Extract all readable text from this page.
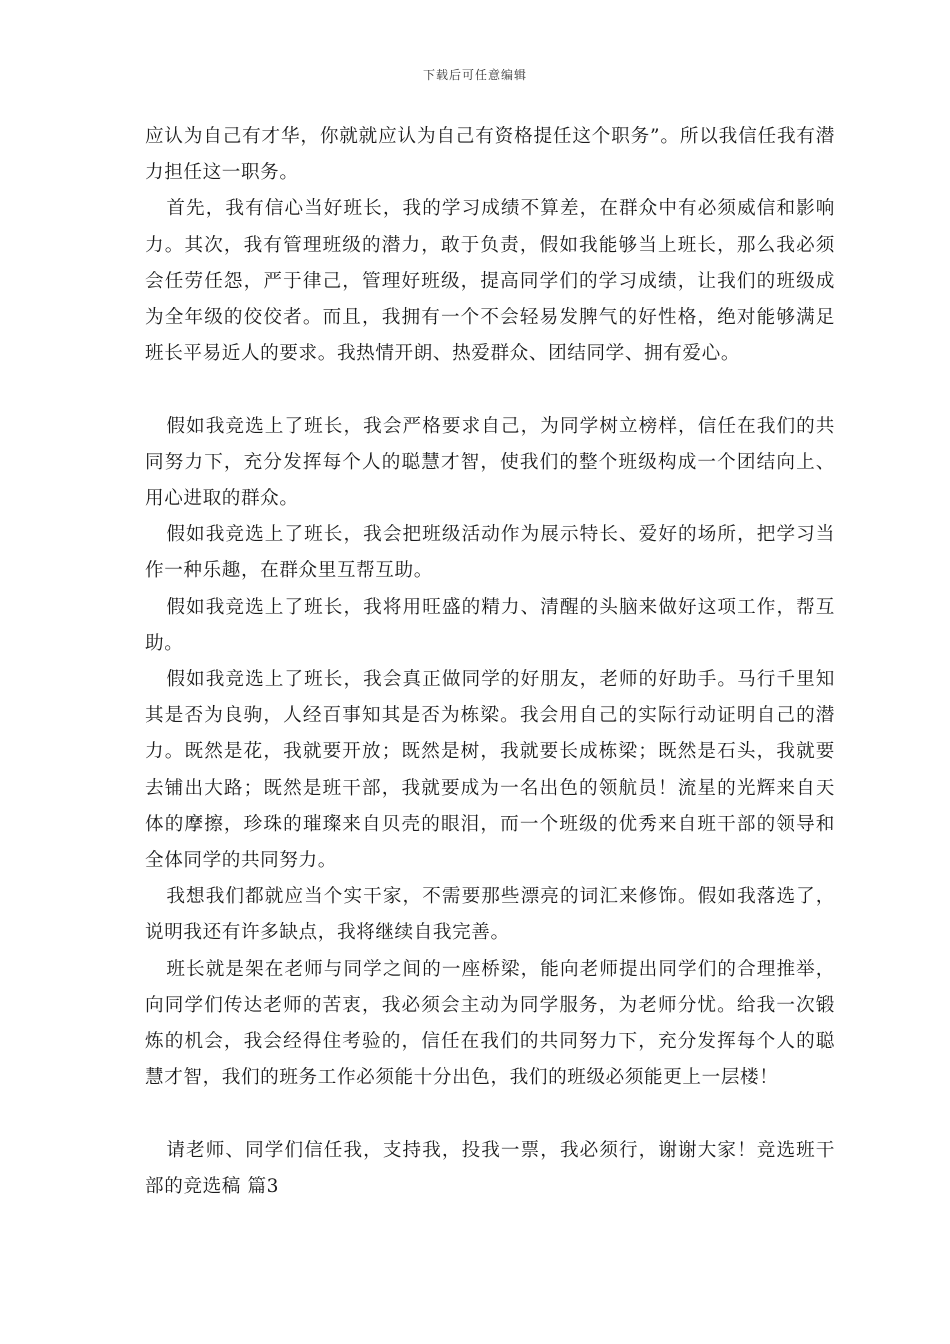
下载后可任意编辑

应认为自己有才华，你就就应认为自己有资格提任这个职务”。所以我信任我有潜力担任这一职务。

首先，我有信心当好班长，我的学习成绩不算差，在群众中有必须威信和影响力。其次，我有管理班级的潜力，敢于负责，假如我能够当上班长，那么我必须会任劳任怨，严于律己，管理好班级，提高同学们的学习成绩，让我们的班级成为全年级的佼佼者。而且，我拥有一个不会轻易发脾气的好性格，绝对能够满足班长平易近人的要求。我热情开朗、热爱群众、团结同学、拥有爱心。

假如我竞选上了班长，我会严格要求自己，为同学树立榜样，信任在我们的共同努力下，充分发挥每个人的聪慧才智，使我们的整个班级构成一个团结向上、用心进取的群众。

假如我竞选上了班长，我会把班级活动作为展示特长、爱好的场所，把学习当作一种乐趣，在群众里互帮互助。

假如我竞选上了班长，我将用旺盛的精力、清醒的头脑来做好这项工作，帮互助。

假如我竞选上了班长，我会真正做同学的好朋友，老师的好助手。马行千里知其是否为良驹，人经百事知其是否为栋梁。我会用自己的实际行动证明自己的潜力。既然是花，我就要开放；既然是树，我就要长成栋梁；既然是石头，我就要去铺出大路；既然是班干部，我就要成为一名出色的领航员！流星的光辉来自天体的摩擦，珍珠的璀璨来自贝壳的眼泪，而一个班级的优秀来自班干部的领导和全体同学的共同努力。

我想我们都就应当个实干家，不需要那些漂亮的词汇来修饰。假如我落选了，说明我还有许多缺点，我将继续自我完善。

班长就是架在老师与同学之间的一座桥梁，能向老师提出同学们的合理推举，向同学们传达老师的苦衷，我必须会主动为同学服务，为老师分忧。给我一次锻炼的机会，我会经得住考验的，信任在我们的共同努力下，充分发挥每个人的聪慧才智，我们的班务工作必须能十分出色，我们的班级必须能更上一层楼！

请老师、同学们信任我，支持我，投我一票，我必须行，谢谢大家！竞选班干部的竞选稿 篇3
